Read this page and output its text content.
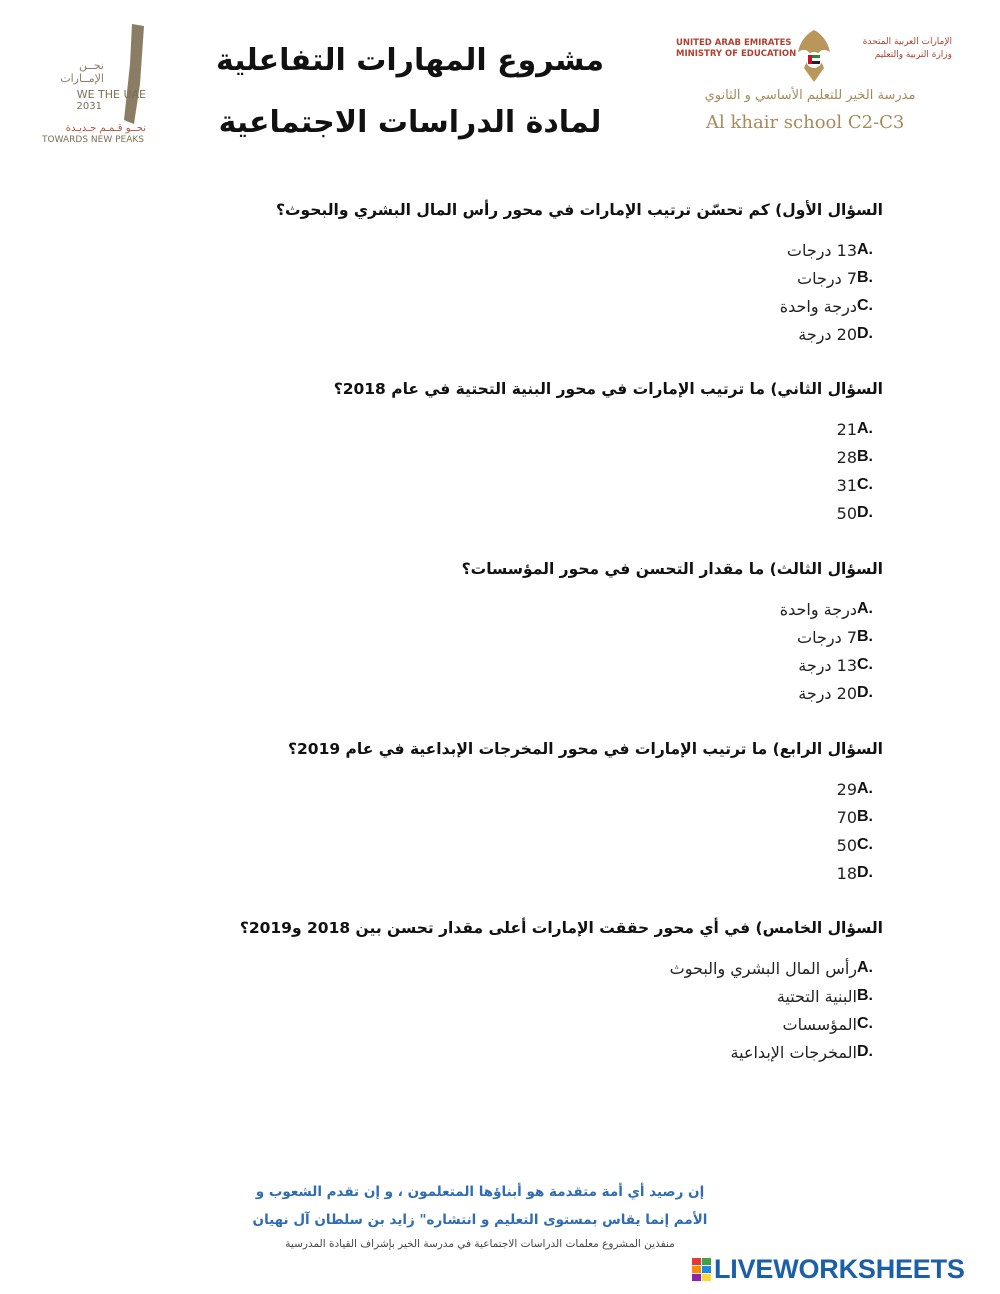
نحــن
الإمــارات
WE THE UAE
2031
نحــو قـمـم جـديـدة
TOWARDS NEW PEAKS
مشروع المهارات التفاعلية
لمادة الدراسات الاجتماعية
UNITED ARAB EMIRATES
MINISTRY OF EDUCATION
الإمارات العربية المتحدة
وزارة التربية والتعليم
مدرسة الخير للتعليم الأساسي و الثانوي
Al khair school C2-C3
السؤال الأول) كم تحسّن ترتيب الإمارات في محور رأس المال البشري والبحوث؟
A.
13 درجات
B.
7 درجات
C.
درجة واحدة
D.
20 درجة
السؤال الثاني) ما ترتيب الإمارات في محور البنية التحتية في عام 2018؟
A.
21
B.
28
C.
31
D.
50
السؤال الثالث) ما مقدار التحسن في محور المؤسسات؟
A.
درجة واحدة
B.
7 درجات
C.
13 درجة
D.
20 درجة
السؤال الرابع) ما ترتيب الإمارات في محور المخرجات الإبداعية في عام 2019؟
A.
29
B.
70
C.
50
D.
18
السؤال الخامس) في أي محور حققت الإمارات أعلى مقدار تحسن بين 2018 و2019؟
A.
رأس المال البشري والبحوث
B.
البنية التحتية
C.
المؤسسات
D.
المخرجات الإبداعية
إن رصيد أي أمة متقدمة هو أبناؤها المتعلمون ، و إن تقدم الشعوب و
الأمم إنما يقاس بمستوى التعليم و انتشاره" زايد بن سلطان آل نهيان
منفذين المشروع معلمات الدراسات الاجتماعية في مدرسة الخير بإشراف القيادة المدرسية
LIVEWORKSHEETS
